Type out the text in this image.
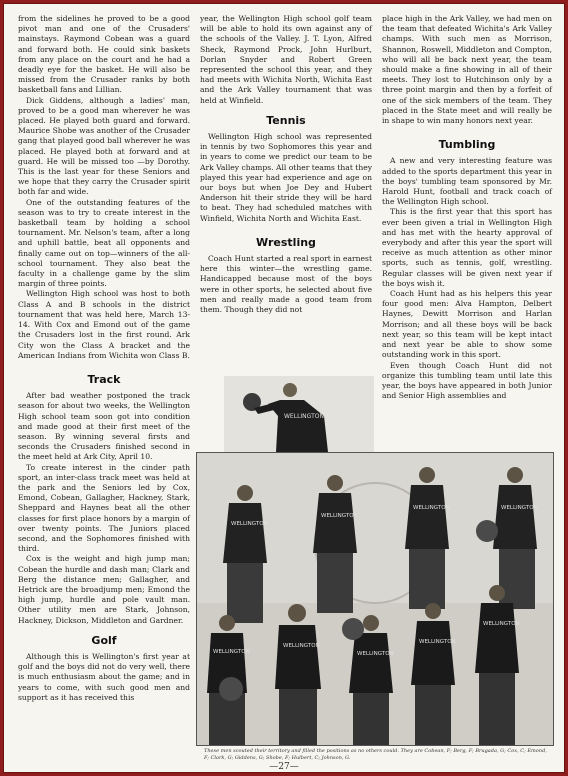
from the sidelines he proved to be a good pivot man and one of the Crusaders' mainstays. Raymond Cobean was a guard and forward both. He could sink baskets from any place on the court and he had a deadly eye for the basket. He will also be missed from the Crusader ranks by both basketball fans and Lillian.

Dick Giddens, although a ladies' man, proved to be a good man wherever he was placed. He played both guard and forward. Maurice Shobe was another of the Crusader gang that played good ball wherever he was placed. He played both at forward and at guard. He will be missed too —by Dorothy. This is the last year for these Seniors and we hope that they carry the Crusader spirit both far and wide.

One of the outstanding features of the season was to try to create interest in the basketball team by holding a school tournament. Mr. Nelson's team, after a long and uphill battle, beat all opponents and finally came out on top—winners of the all-school tournament. They also beat the faculty in a challenge game by the slim margin of three points.

Wellington High school was host to both Class A and B schools in the district tournament that was held here, March 13-14. With Cox and Emond out of the game the Crusaders lost in the first round. Ark City won the Class A bracket and the American Indians from Wichita won Class B.

Track

After bad weather postponed the track season for about two weeks, the Wellington High school team soon got into condition and made good at their first meet of the season. By winning several firsts and seconds the Crusaders finished second in the meet held at Ark City, April 10.

To create interest in the cinder path sport, an inter-class track meet was held at the park and the Seniors led by Cox, Emond, Cobean, Gallagher, Hackney, Stark, Sheppard and Haynes beat all the other classes for first place honors by a margin of over twenty points. The Juniors placed second, and the Sophomores finished with third.

Cox is the weight and high jump man; Cobean the hurdle and dash man; Clark and Berg the distance men; Gallagher, and Hetrick are the broadjump men; Emond the high jump, hurdle and pole vault man. Other utility men are Stark, Johnson, Hackney, Dickson, Middleton and Gardner.

Golf

Although this is Wellington's first year at golf and the boys did not do very well, there is much enthusiasm about the game; and in years to come, with such good men and support as it has received this

year, the Wellington High school golf team will be able to hold its own against any of the schools of the Valley. J. T. Lyon, Alfred Sheck, Raymond Prock, John Hurlburt, Dorlan Snyder and Robert Green represented the school this year, and they had meets with Wichita North, Wichita East and the Ark Valley tournament that was held at Winfield.

Tennis

Wellington High school was represented in tennis by two Sophomores this year and in years to come we predict our team to be Ark Valley champs. All other teams that they played this year had experience and age on our boys but when Joe Dey and Hubert Anderson hit their stride they will be hard to beat. They had scheduled matches with Winfield, Wichita North and Wichita East.

Wrestling

Coach Hunt started a real sport in earnest here this winter—the wrestling game. Handicapped because most of the boys were in other sports, he selected about five men and really made a good team from them. Though they did not

place high in the Ark Valley, we had men on the team that defeated Wichita's Ark Valley champs. With such men as Morrison, Shannon, Roswell, Middleton and Compton, who will all be back next year, the team should make a fine showing in all of their meets. They lost to Hutchinson only by a three point margin and then by a forfeit of one of the sick members of the team. They placed in the State meet and will really be in shape to win many honors next year.

Tumbling

A new and very interesting feature was added to the sports department this year in the boys' tumbling team sponsored by Mr. Harold Hunt, football and track coach of the Wellington High school.

This is the first year that this sport has ever been given a trial in Wellington High and has met with the hearty approval of everybody and after this year the sport will receive as much attention as other minor sports, such as tennis, golf, wrestling. Regular classes will be given next year if the boys wish it.

Coach Hunt had as his helpers this year four good men: Alva Hampton, Delbert Haynes, Dewitt Morrison and Harlan Morrison; and all these boys will be back next year, so this team will be kept intact and next year be able to show some outstanding work in this sport.

Even though Coach Hunt did not organize this tumbling team until late this year, the boys have appeared in both Junior and Senior High assemblies and

WELLINGTON
WELLINGTON
WELLINGTON
WELLINGTON	WELLINGTON
WELLINGTON
WELLINGTON
WELLINGTON
WELLINGTON
WELLINGTON
These men scouted their territory and filled the positions as no others could. They are Cobean, F; Berg, F; Brugada, G; Cox, C; Emond, F; Clark, G; Giddens, G; Shobe, F; Hulbert, C; Johnson, G.
—27—
